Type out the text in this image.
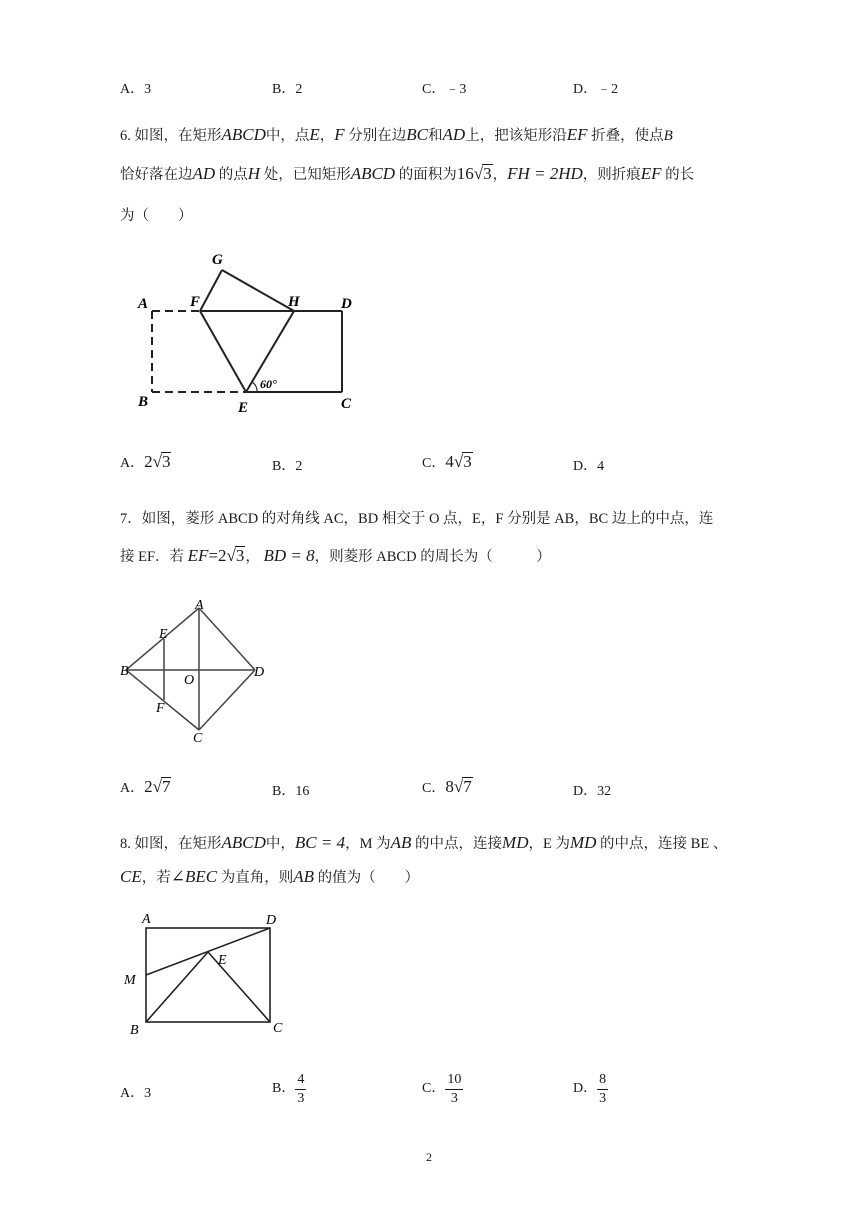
A．3	B．2	C．﹣3	D．﹣2
6. 如图，在矩形ABCD中，点E，F 分别在边BC和AD上，把该矩形沿EF 折叠，使点B
恰好落在边AD 的点H 处，已知矩形ABCD 的面积为16√3，FH = 2HD，则折痕EF 的长
为（　　）
A
B	C
D
E
F
G
H
60°
A．2√3	B．2	C．4√3	D．4
7．如图，菱形 ABCD 的对角线 AC，BD 相交于 O 点，E，F 分别是 AB，BC 边上的中点，连
接 EF．若 EF=2√3， BD = 8，则菱形 ABCD 的周长为（　　　）
A
B
C
D
E
F
O
A．2√7	B．16	C．8√7	D．32
8. 如图，在矩形ABCD中，BC = 4，M 为AB 的中点，连接MD，E 为MD 的中点，连接 BE 、
CE，若∠BEC 为直角，则AB 的值为（　　）
A
B	C
D
E
M
A．3	B． $\frac{4}{3}$	C． $\frac{10}{3}$	D． $\frac{8}{3}$
2
